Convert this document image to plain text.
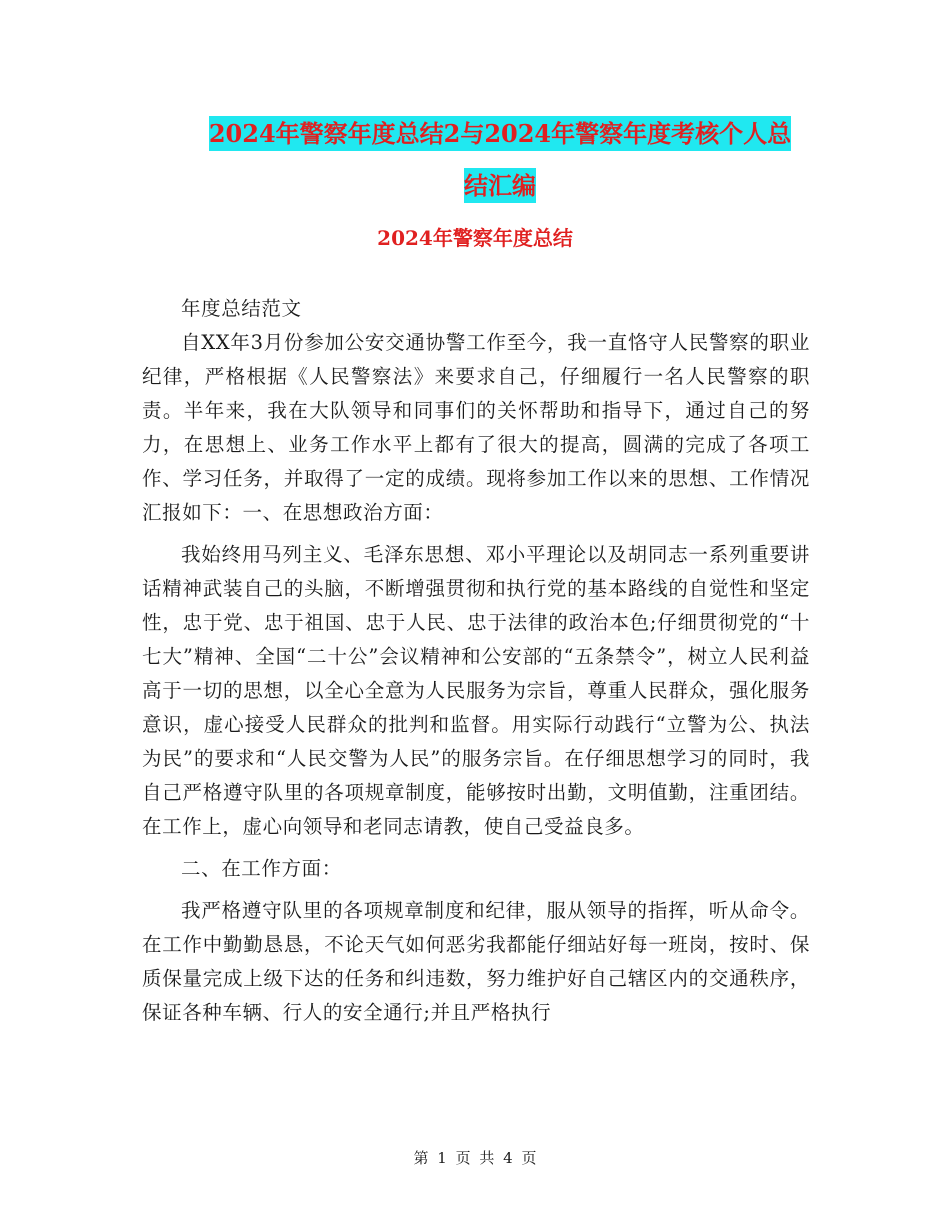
2024年警察年度总结2与2024年警察年度考核个人总
结汇编
2024年警察年度总结

年度总结范文

自XX年3月份参加公安交通协警工作至今，我一直恪守人民警察的职业纪律，严格根据《人民警察法》来要求自己，仔细履行一名人民警察的职责。半年来，我在大队领导和同事们的关怀帮助和指导下，通过自己的努力，在思想上、业务工作水平上都有了很大的提高，圆满的完成了各项工作、学习任务，并取得了一定的成绩。现将参加工作以来的思想、工作情况汇报如下：一、在思想政治方面：

我始终用马列主义、毛泽东思想、邓小平理论以及胡同志一系列重要讲话精神武装自己的头脑，不断增强贯彻和执行党的基本路线的自觉性和坚定性，忠于党、忠于祖国、忠于人民、忠于法律的政治本色;仔细贯彻党的“十七大”精神、全国“二十公”会议精神和公安部的“五条禁令”，树立人民利益高于一切的思想，以全心全意为人民服务为宗旨，尊重人民群众，强化服务意识，虚心接受人民群众的批判和监督。用实际行动践行“立警为公、执法为民”的要求和“人民交警为人民”的服务宗旨。在仔细思想学习的同时，我自己严格遵守队里的各项规章制度，能够按时出勤，文明值勤，注重团结。在工作上，虚心向领导和老同志请教，使自己受益良多。

二、在工作方面：

我严格遵守队里的各项规章制度和纪律，服从领导的指挥，听从命令。在工作中勤勤恳恳，不论天气如何恶劣我都能仔细站好每一班岗，按时、保质保量完成上级下达的任务和纠违数，努力维护好自己辖区内的交通秩序，保证各种车辆、行人的安全通行;并且严格执行

第 1 页 共 4 页
